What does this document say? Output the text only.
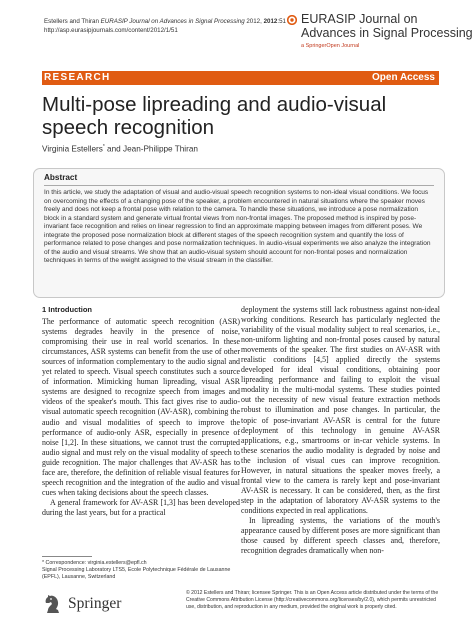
Estellers and Thiran EURASIP Journal on Advances in Signal Processing 2012, 2012:51
http://asp.eurasipjournals.com/content/2012/1/51
EURASIP Journal on
Advances in Signal Processing
a SpringerOpen Journal
RESEARCH	Open Access
Multi-pose lipreading and audio-visual speech recognition
Virginia Estellers* and Jean-Philippe Thiran
Abstract
In this article, we study the adaptation of visual and audio-visual speech recognition systems to non-ideal visual conditions. We focus on overcoming the effects of a changing pose of the speaker, a problem encountered in natural situations where the speaker moves freely and does not keep a frontal pose with relation to the camera. To handle these situations, we introduce a pose normalization block in a standard system and generate virtual frontal views from non-frontal images. The proposed method is inspired by pose-invariant face recognition and relies on linear regression to find an approximate mapping between images from different poses. We integrate the proposed pose normalization block at different stages of the speech recognition system and quantify the loss of performance related to pose changes and pose normalization techniques. In audio-visual experiments we also analyze the integration of the audio and visual streams. We show that an audio-visual system should account for non-frontal poses and normalization techniques in terms of the weight assigned to the visual stream in the classifier.
1 Introduction

The performance of automatic speech recognition (ASR) systems degrades heavily in the presence of noise, compromising their use in real world scenarios. In these circumstances, ASR systems can benefit from the use of other sources of information complementary to the audio signal and yet related to speech. Visual speech constitutes such a source of information. Mimicking human lipreading, visual ASR systems are designed to recognize speech from images and videos of the speaker's mouth. This fact gives rise to audio-visual automatic speech recognition (AV-ASR), combining the audio and visual modalities of speech to improve the performance of audio-only ASR, especially in presence of noise [1,2]. In these situations, we cannot trust the corrupted audio signal and must rely on the visual modality of speech to guide recognition. The major challenges that AV-ASR has to face are, therefore, the definition of reliable visual features for speech recognition and the integration of the audio and visual cues when taking decisions about the speech classes.

A general framework for AV-ASR [1,3] has been developed during the last years, but for a practical

deployment the systems still lack robustness against non-ideal working conditions. Research has particularly neglected the variability of the visual modality subject to real scenarios, i.e., non-uniform lighting and non-frontal poses caused by natural movements of the speaker. The first studies on AV-ASR with realistic conditions [4,5] applied directly the systems developed for ideal visual conditions, obtaining poor lipreading performance and failing to exploit the visual modality in the multi-modal systems. These studies pointed out the necessity of new visual feature extraction methods robust to illumination and pose changes. In particular, the topic of pose-invariant AV-ASR is central for the future deployment of this technology in genuine AV-ASR applications, e.g., smartrooms or in-car vehicle systems. In these scenarios the audio modality is degraded by noise and the inclusion of visual cues can improve recognition. However, in natural situations the speaker moves freely, a frontal view to the camera is rarely kept and pose-invariant AV-ASR is necessary. It can be considered, then, as the first step in the adaptation of laboratory AV-ASR systems to the conditions expected in real applications.

In lipreading systems, the variations of the mouth's appearance caused by different poses are more significant than those caused by different speech classes and, therefore, recognition degrades dramatically when non-

* Correspondence: virginia.estellers@epfl.ch
Signal Processing Laboratory LTS5, Ecole Polytechnique Fédérale de Lausanne (EPFL), Lausanne, Switzerland
Springer
© 2012 Estellers and Thiran; licensee Springer. This is an Open Access article distributed under the terms of the Creative Commons Attribution License (http://creativecommons.org/licenses/by/2.0), which permits unrestricted use, distribution, and reproduction in any medium, provided the original work is properly cited.
